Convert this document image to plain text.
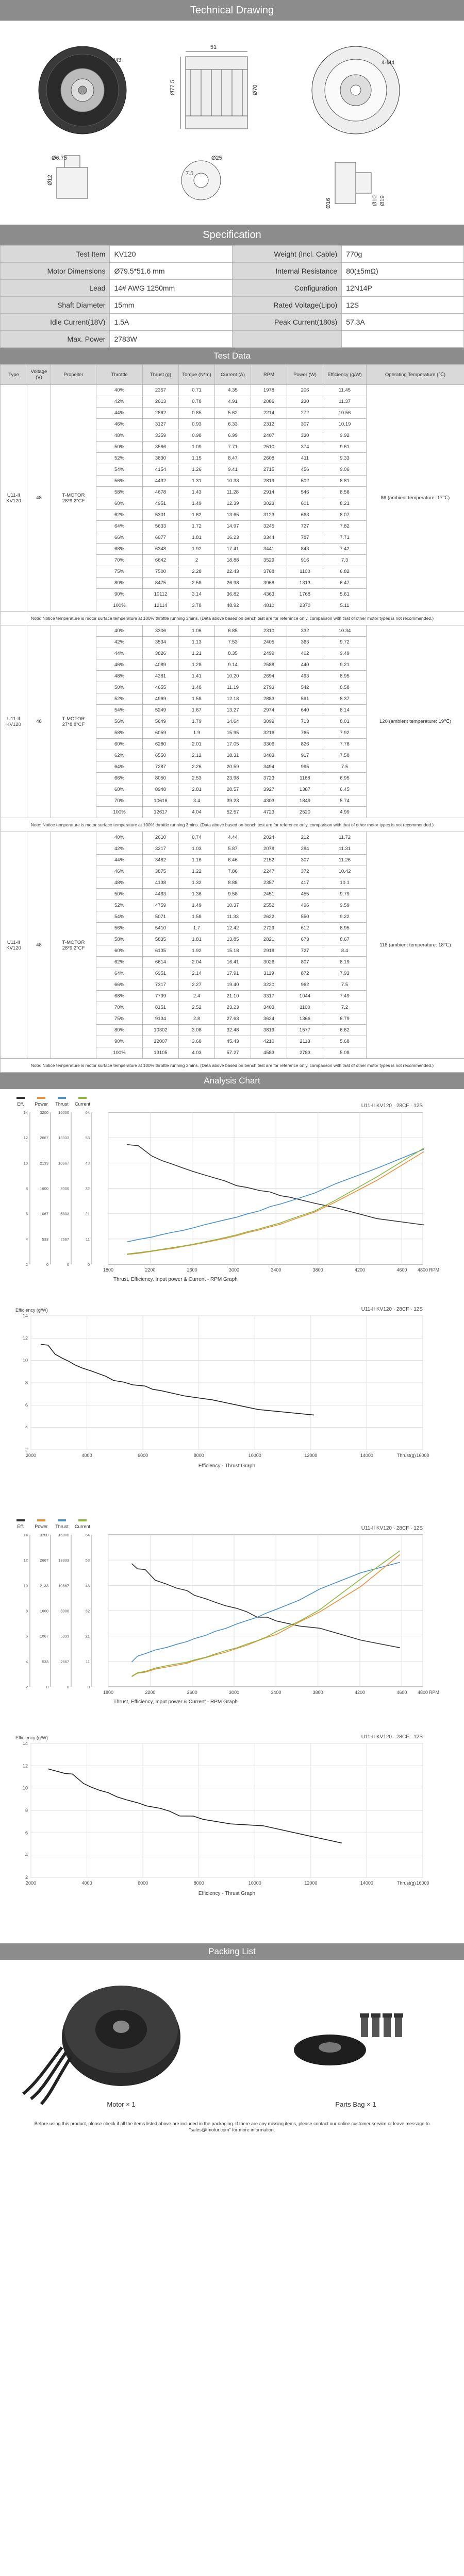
Technical Drawing
51
6-M3
Ø77.5	Ø70
4-M4
Ø6.75
Ø12
Ø25
7.5
Ø16	Ø10 Ø19
Specification
Test Item	KV120	Weight (Incl. Cable)	770g
Motor Dimensions	Ø79.5*51.6 mm	Internal Resistance	80(±5mΩ)
Lead	14# AWG 1250mm	Configuration	12N14P
Shaft Diameter	15mm	Rated Voltage(Lipo)	12S
Idle Current(18V)	1.5A	Peak Current(180s)	57.3A
Max. Power	2783W		
Test Data
Type	Voltage (V)	Propeller	Throttle	Thrust (g)	Torque (N*m)	Current (A)	RPM	Power (W)	Efficiency (g/W)	Operating Temperature (℃)
U11-II KV120	48	T-MOTOR 28*9.2"CF	40%	2357	0.71	4.35	1978	206	11.45	86 (ambient temperature: 17℃)
			42%	2613	0.78	4.91	2086	230	11.37	
			44%	2862	0.85	5.62	2214	272	10.56	
			46%	3127	0.93	6.33	2312	307	10.19	
			48%	3359	0.98	6.99	2407	330	9.92	
			50%	3566	1.09	7.71	2510	374	9.61	
			52%	3830	1.15	8.47	2608	411	9.33	
			54%	4154	1.26	9.41	2715	456	9.06	
			56%	4432	1.31	10.33	2819	502	8.81	
			58%	4678	1.43	11.28	2914	546	8.58	
			60%	4951	1.49	12.39	3023	601	8.21	
			62%	5301	1.62	13.65	3123	663	8.07	
			64%	5633	1.72	14.97	3245	727	7.82	
			66%	6077	1.81	16.23	3344	787	7.71	
			68%	6348	1.92	17.41	3441	843	7.42	
			70%	6642	2	18.88	3529	916	7.3	
			75%	7500	2.28	22.43	3768	1100	6.82	
			80%	8475	2.58	26.98	3968	1313	6.47	
			90%	10112	3.14	36.82	4363	1768	5.61	
			100%	12114	3.78	48.92	4810	2370	5.11	
Note: Notice temperature is motor surface temperature at 100% throttle running 3mins. (Data above based on bench test are for reference only, comparison with that of other motor types is not recommended.)										
U11-II KV120	48	T-MOTOR 27*8.8"CF	40%	3306	1.06	6.85	2310	332	10.34	120 (ambient temperature: 19℃)
			42%	3534	1.13	7.53	2405	363	9.72	
			44%	3826	1.21	8.35	2499	402	9.49	
			46%	4089	1.28	9.14	2588	440	9.21	
			48%	4381	1.41	10.20	2694	493	8.95	
			50%	4655	1.48	11.19	2793	542	8.58	
			52%	4969	1.58	12.18	2883	591	8.37	
			54%	5249	1.67	13.27	2974	640	8.14	
			56%	5649	1.79	14.64	3099	713	8.01	
			58%	6059	1.9	15.95	3216	765	7.92	
			60%	6280	2.01	17.05	3306	826	7.78	
			62%	6550	2.12	18.31	3403	917	7.58	
			64%	7287	2.26	20.59	3494	995	7.5	
			66%	8050	2.53	23.98	3723	1168	6.95	
			68%	8948	2.81	28.57	3927	1387	6.45	
			70%	10616	3.4	39.23	4303	1849	5.74	
			100%	12617	4.04	52.57	4723	2520	4.99	
Note: Notice temperature is motor surface temperature at 100% throttle running 3mins. (Data above based on bench test are for reference only, comparison with that of other motor types is not recommended.)										
U11-II KV120	48	T-MOTOR 28*9.2"CF	40%	2610	0.74	4.44	2024	212	11.72	118 (ambient temperature: 18℃)
			42%	3217	1.03	5.87	2078	284	11.31	
			44%	3482	1.16	6.46	2152	307	11.26	
			46%	3875	1.22	7.86	2247	372	10.42	
			48%	4138	1.32	8.88	2357	417	10.1	
			50%	4463	1.36	9.58	2451	455	9.79	
			52%	4759	1.49	10.37	2552	496	9.59	
			54%	5071	1.58	11.33	2622	550	9.22	
			56%	5410	1.7	12.42	2729	612	8.95	
			58%	5835	1.81	13.85	2821	673	8.67	
			60%	6135	1.92	15.18	2918	727	8.4	
			62%	6614	2.04	16.41	3026	807	8.19	
			64%	6951	2.14	17.91	3119	872	7.93	
			66%	7317	2.27	19.40	3220	962	7.5	
			68%	7799	2.4	21.10	3317	1044	7.49	
			70%	8151	2.52	23.23	3403	1100	7.2	
			75%	9134	2.8	27.63	3624	1366	6.79	
			80%	10302	3.08	32.48	3819	1577	6.62	
			90%	12007	3.68	45.43	4210	2113	5.68	
			100%	13105	4.03	57.27	4583	2783	5.08	
Note: Notice temperature is motor surface temperature at 100% throttle running 3mins. (Data above based on bench test are for reference only, comparison with that of other motor types is not recommended.)										
Analysis Chart
Eff.
2
4
6
8
10
12
14
Power
0
533
1067
1600
2133
2667
3200
Thrust
0
2667
5333
8000
10667
13333
16000
Current
0
11
21
32
43
53
64
1800	2200	2600	3000	3400	3800	4200	4600 4800 RPM
U11-II KV120 · 28CF · 12S
Thrust, Efficiency, Input power & Current - RPM Graph
2
4
6
8
10
12
14
2000	4000	6000	8000	10000	12000	14000	16000
Efficiency (g/W)
Thrust(g)
U11-II KV120 · 28CF · 12S
Efficiency - Thrust Graph
Eff.
2
4
6
8
10
12
14
Power
0
533
1067
1600
2133
2667
3200
Thrust
0
2667
5333
8000
10667
13333
16000
Current
0
11
21
32
43
53
64
1800	2200	2600	3000	3400	3800	4200	4600 4800 RPM
U11-II KV120 · 28CF · 12S
Thrust, Efficiency, Input power & Current - RPM Graph
2
4
6
8
10
12
14
2000	4000	6000	8000	10000	12000	14000	16000
Efficiency (g/W)
Thrust(g)
U11-II KV120 · 28CF · 12S
Efficiency - Thrust Graph
Packing List
Motor × 1	Parts Bag × 1
Before using this product, please check if all the items listed above are included in the packaging. If there are any missing items, please contact our online customer service or leave message to "sales@tmotor.com" for more information.
